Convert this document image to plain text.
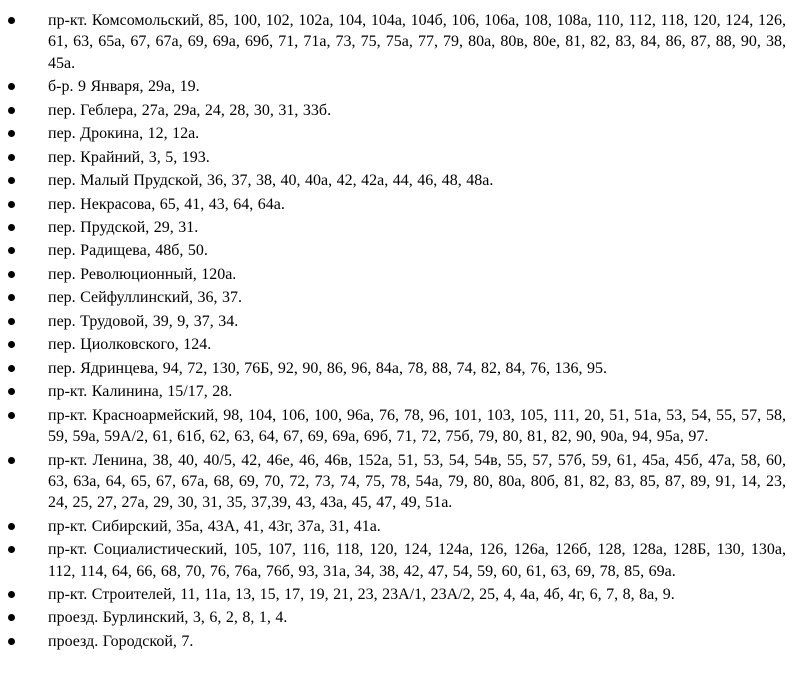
пр-кт. Комсомольский, 85, 100, 102, 102а, 104, 104а, 104б, 106, 106а, 108, 108а, 110, 112, 118, 120, 124, 126, 61, 63, 65а, 67, 67а, 69, 69а, 69б, 71, 71а, 73, 75, 75а, 77, 79, 80а, 80в, 80е, 81, 82, 83, 84, 86, 87, 88, 90, 38, 45а.
б-р. 9 Января, 29а, 19.
пер. Геблера, 27а, 29а, 24, 28, 30, 31, 33б.
пер. Дрокина, 12, 12а.
пер. Крайний, 3, 5, 193.
пер. Малый Прудской, 36, 37, 38, 40, 40а, 42, 42а, 44, 46, 48, 48а.
пер. Некрасова, 65, 41, 43, 64, 64а.
пер. Прудской, 29, 31.
пер. Радищева, 48б, 50.
пер. Революционный, 120а.
пер. Сейфуллинский, 36, 37.
пер. Трудовой, 39, 9, 37, 34.
пер. Циолковского, 124.
пер. Ядринцева, 94, 72, 130, 76Б, 92, 90, 86, 96, 84а, 78, 88, 74, 82, 84, 76, 136, 95.
пр-кт. Калинина, 15/17, 28.
пр-кт. Красноармейский, 98, 104, 106, 100, 96а, 76, 78, 96, 101, 103, 105, 111, 20, 51, 51а, 53, 54, 55, 57, 58, 59, 59а, 59А/2, 61, 61б, 62, 63, 64, 67, 69, 69а, 69б, 71, 72, 75б, 79, 80, 81, 82, 90, 90а, 94, 95а, 97.
пр-кт. Ленина, 38, 40, 40/5, 42, 46е, 46, 46в, 152а, 51, 53, 54, 54в, 55, 57, 57б, 59, 61, 45а, 45б, 47а, 58, 60, 63, 63а, 64, 65, 67, 67а, 68, 69, 70, 72, 73, 74, 75, 78, 54а, 79, 80, 80а, 80б, 81, 82, 83, 85, 87, 89, 91, 14, 23, 24, 25, 27, 27а, 29, 30, 31, 35, 37,39, 43, 43а, 45, 47, 49, 51а.
пр-кт. Сибирский, 35а, 43А, 41, 43г, 37а, 31, 41а.
пр-кт. Социалистический, 105, 107, 116, 118, 120, 124, 124а, 126, 126а, 126б, 128, 128а, 128Б, 130, 130а, 112, 114, 64, 66, 68, 70, 76, 76а, 76б, 93, 31а, 34, 38, 42, 47, 54, 59, 60, 61, 63, 69, 78, 85, 69а.
пр-кт. Строителей, 11, 11а, 13, 15, 17, 19, 21, 23, 23А/1, 23А/2, 25, 4, 4а, 4б, 4г, 6, 7, 8, 8а, 9.
проезд. Бурлинский, 3, 6, 2, 8, 1, 4.
проезд. Городской, 7.
